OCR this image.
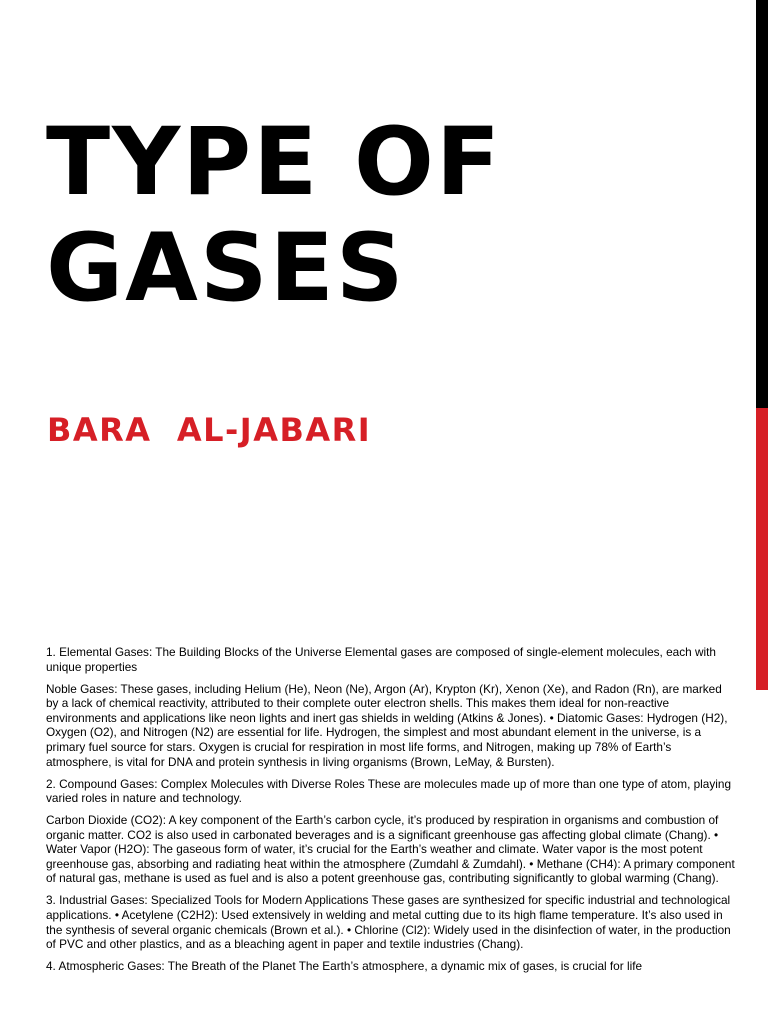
TYPE OF GASES
BARA  AL-JABARI

1. Elemental Gases: The Building Blocks of the Universe Elemental gases are composed of single-element molecules, each with unique properties

Noble Gases: These gases, including Helium (He), Neon (Ne), Argon (Ar), Krypton (Kr), Xenon (Xe), and Radon (Rn), are marked by a lack of chemical reactivity, attributed to their complete outer electron shells. This makes them ideal for non-reactive environments and applications like neon lights and inert gas shields in welding (Atkins & Jones). • Diatomic Gases: Hydrogen (H2), Oxygen (O2), and Nitrogen (N2) are essential for life. Hydrogen, the simplest and most abundant element in the universe, is a primary fuel source for stars. Oxygen is crucial for respiration in most life forms, and Nitrogen, making up 78% of Earth’s atmosphere, is vital for DNA and protein synthesis in living organisms (Brown, LeMay, & Bursten).

2. Compound Gases: Complex Molecules with Diverse Roles These are molecules made up of more than one type of atom, playing varied roles in nature and technology.

Carbon Dioxide (CO2): A key component of the Earth’s carbon cycle, it’s produced by respiration in organisms and combustion of organic matter. CO2 is also used in carbonated beverages and is a significant greenhouse gas affecting global climate (Chang). • Water Vapor (H2O): The gaseous form of water, it’s crucial for the Earth’s weather and climate. Water vapor is the most potent greenhouse gas, absorbing and radiating heat within the atmosphere (Zumdahl & Zumdahl). • Methane (CH4): A primary component of natural gas, methane is used as fuel and is also a potent greenhouse gas, contributing significantly to global warming (Chang).

3. Industrial Gases: Specialized Tools for Modern Applications These gases are synthesized for specific industrial and technological applications. • Acetylene (C2H2): Used extensively in welding and metal cutting due to its high flame temperature. It’s also used in the synthesis of several organic chemicals (Brown et al.). • Chlorine (Cl2): Widely used in the disinfection of water, in the production of PVC and other plastics, and as a bleaching agent in paper and textile industries (Chang).

4. Atmospheric Gases: The Breath of the Planet The Earth’s atmosphere, a dynamic mix of gases, is crucial for life
